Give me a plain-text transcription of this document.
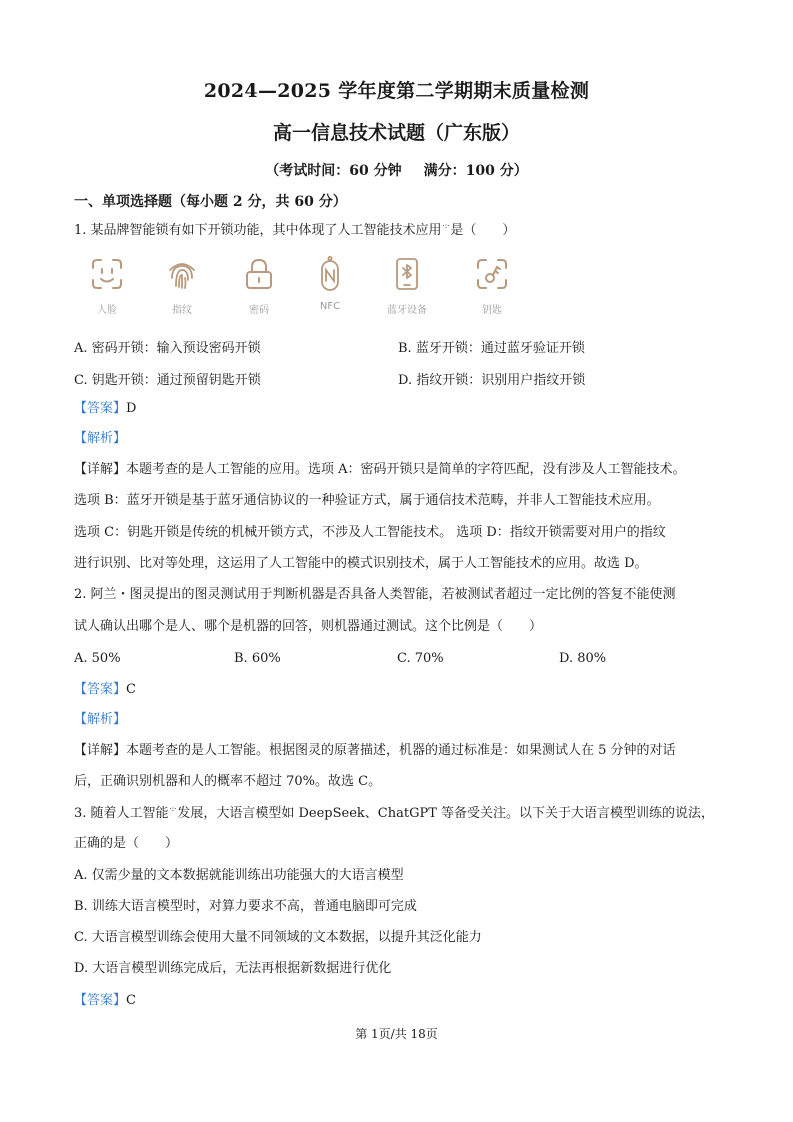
2024—2025 学年度第二学期期末质量检测
高一信息技术试题（广东版）
（考试时间：60 分钟 满分：100 分）
一、单项选择题（每小题 2 分，共 60 分）
1. 某品牌智能锁有如下开锁功能，其中体现了人工智能技术应用·:·是（　　）
人脸	指纹	密码	NFC	蓝牙设备	钥匙
A. 密码开锁：输入预设密码开锁	B. 蓝牙开锁：通过蓝牙验证开锁
C. 钥匙开锁：通过预留钥匙开锁	D. 指纹开锁：识别用户指纹开锁
【答案】D
【解析】
【详解】本题考查的是人工智能的应用。选项 A：密码开锁只是简单的字符匹配，没有涉及人工智能技术。
选项 B：蓝牙开锁是基于蓝牙通信协议的一种验证方式，属于通信技术范畴，并非人工智能技术应用。
选项 C：钥匙开锁是传统的机械开锁方式，不涉及人工智能技术。 选项 D：指纹开锁需要对用户的指纹
进行识别、比对等处理，这运用了人工智能中的模式识别技术，属于人工智能技术的应用。故选 D。
2. 阿兰・图灵提出的图灵测试用于判断机器是否具备人类智能，若被测试者超过一定比例的答复不能使测
试人确认出哪个是人、哪个是机器的回答，则机器通过测试。这个比例是（　　）
A. 50%	B. 60%	C. 70%	D. 80%
【答案】C
【解析】
【详解】本题考查的是人工智能。根据图灵的原著描述，机器的通过标准是：如果测试人在 5 分钟的对话
后，正确识别机器和人的概率不超过 70%。故选 C。
3. 随着人工智能·:·发展，大语言模型如 DeepSeek、ChatGPT 等备受关注。以下关于大语言模型训练的说法，
正确的是（　　）
A. 仅需少量的文本数据就能训练出功能强大的大语言模型
B. 训练大语言模型时，对算力要求不高，普通电脑即可完成
C. 大语言模型训练会使用大量不同领域的文本数据，以提升其泛化能力
D. 大语言模型训练完成后，无法再根据新数据进行优化
【答案】C
第 1页/共 18页
